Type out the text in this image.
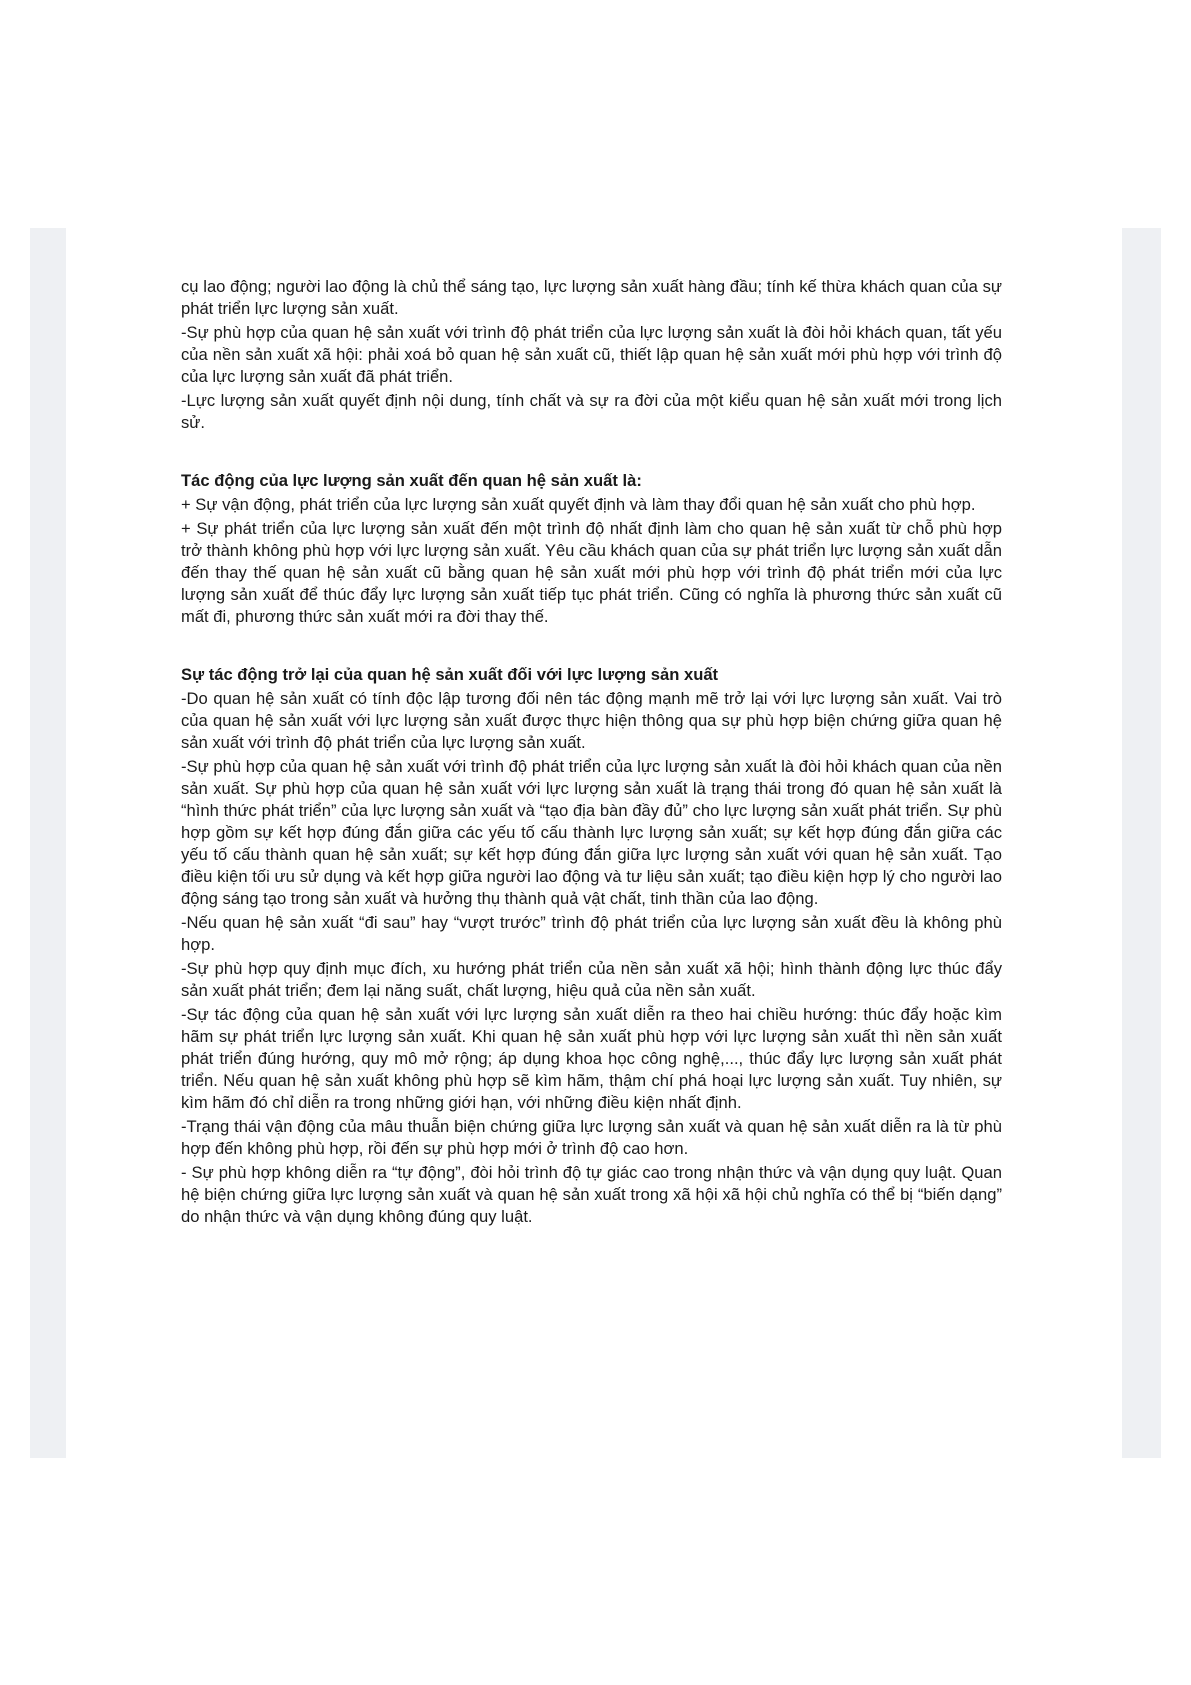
cụ lao động; người lao động là chủ thể sáng tạo, lực lượng sản xuất hàng đầu; tính kế thừa khách quan của sự phát triển lực lượng sản xuất.

-Sự phù hợp của quan hệ sản xuất với trình độ phát triển của lực lượng sản xuất là đòi hỏi khách quan, tất yếu của nền sản xuất xã hội: phải xoá bỏ quan hệ sản xuất cũ, thiết lập quan hệ sản xuất mới phù hợp với trình độ của lực lượng sản xuất đã phát triển.

-Lực lượng sản xuất quyết định nội dung, tính chất và sự ra đời của một kiểu quan hệ sản xuất mới trong lịch sử.

Tác động của lực lượng sản xuất đến quan hệ sản xuất là:

+ Sự vận động, phát triển của lực lượng sản xuất quyết định và làm thay đổi quan hệ sản xuất cho phù hợp.

+ Sự phát triển của lực lượng sản xuất đến một trình độ nhất định làm cho quan hệ sản xuất từ chỗ phù hợp trở thành không phù hợp với lực lượng sản xuất. Yêu cầu khách quan của sự phát triển lực lượng sản xuất dẫn đến thay thế quan hệ sản xuất cũ bằng quan hệ sản xuất mới phù hợp với trình độ phát triển mới của lực lượng sản xuất để thúc đẩy lực lượng sản xuất tiếp tục phát triển. Cũng có nghĩa là phương thức sản xuất cũ mất đi, phương thức sản xuất mới ra đời thay thế.

Sự tác động trở lại của quan hệ sản xuất đối với lực lượng sản xuất

-Do quan hệ sản xuất có tính độc lập tương đối nên tác động mạnh mẽ trở lại với lực lượng sản xuất. Vai trò của quan hệ sản xuất với lực lượng sản xuất được thực hiện thông qua sự phù hợp biện chứng giữa quan hệ sản xuất với trình độ phát triển của lực lượng sản xuất.

-Sự phù hợp của quan hệ sản xuất với trình độ phát triển của lực lượng sản xuất là đòi hỏi khách quan của nền sản xuất. Sự phù hợp của quan hệ sản xuất với lực lượng sản xuất là trạng thái trong đó quan hệ sản xuất là “hình thức phát triển” của lực lượng sản xuất và “tạo địa bàn đầy đủ” cho lực lượng sản xuất phát triển. Sự phù hợp gồm sự kết hợp đúng đắn giữa các yếu tố cấu thành lực lượng sản xuất; sự kết hợp đúng đắn giữa các yếu tố cấu thành quan hệ sản xuất; sự kết hợp đúng đắn giữa lực lượng sản xuất với quan hệ sản xuất. Tạo điều kiện tối ưu sử dụng và kết hợp giữa người lao động và tư liệu sản xuất; tạo điều kiện hợp lý cho người lao động sáng tạo trong sản xuất và hưởng thụ thành quả vật chất, tinh thần của lao động.

-Nếu quan hệ sản xuất “đi sau” hay “vượt trước” trình độ phát triển của lực lượng sản xuất đều là không phù hợp.

-Sự phù hợp quy định mục đích, xu hướng phát triển của nền sản xuất xã hội; hình thành động lực thúc đẩy sản xuất phát triển; đem lại năng suất, chất lượng, hiệu quả của nền sản xuất.

-Sự tác động của quan hệ sản xuất với lực lượng sản xuất diễn ra theo hai chiều hướng: thúc đẩy hoặc kìm hãm sự phát triển lực lượng sản xuất. Khi quan hệ sản xuất phù hợp với lực lượng sản xuất thì nền sản xuất phát triển đúng hướng, quy mô mở rộng; áp dụng khoa học công nghệ,..., thúc đẩy lực lượng sản xuất phát triển. Nếu quan hệ sản xuất không phù hợp sẽ kìm hãm, thậm chí phá hoại lực lượng sản xuất. Tuy nhiên, sự kìm hãm đó chỉ diễn ra trong những giới hạn, với những điều kiện nhất định.

-Trạng thái vận động của mâu thuẫn biện chứng giữa lực lượng sản xuất và quan hệ sản xuất diễn ra là từ phù hợp đến không phù hợp, rồi đến sự phù hợp mới ở trình độ cao hơn.

- Sự phù hợp không diễn ra “tự động”, đòi hỏi trình độ tự giác cao trong nhận thức và vận dụng quy luật. Quan hệ biện chứng giữa lực lượng sản xuất và quan hệ sản xuất trong xã hội xã hội chủ nghĩa có thể bị “biến dạng” do nhận thức và vận dụng không đúng quy luật.
